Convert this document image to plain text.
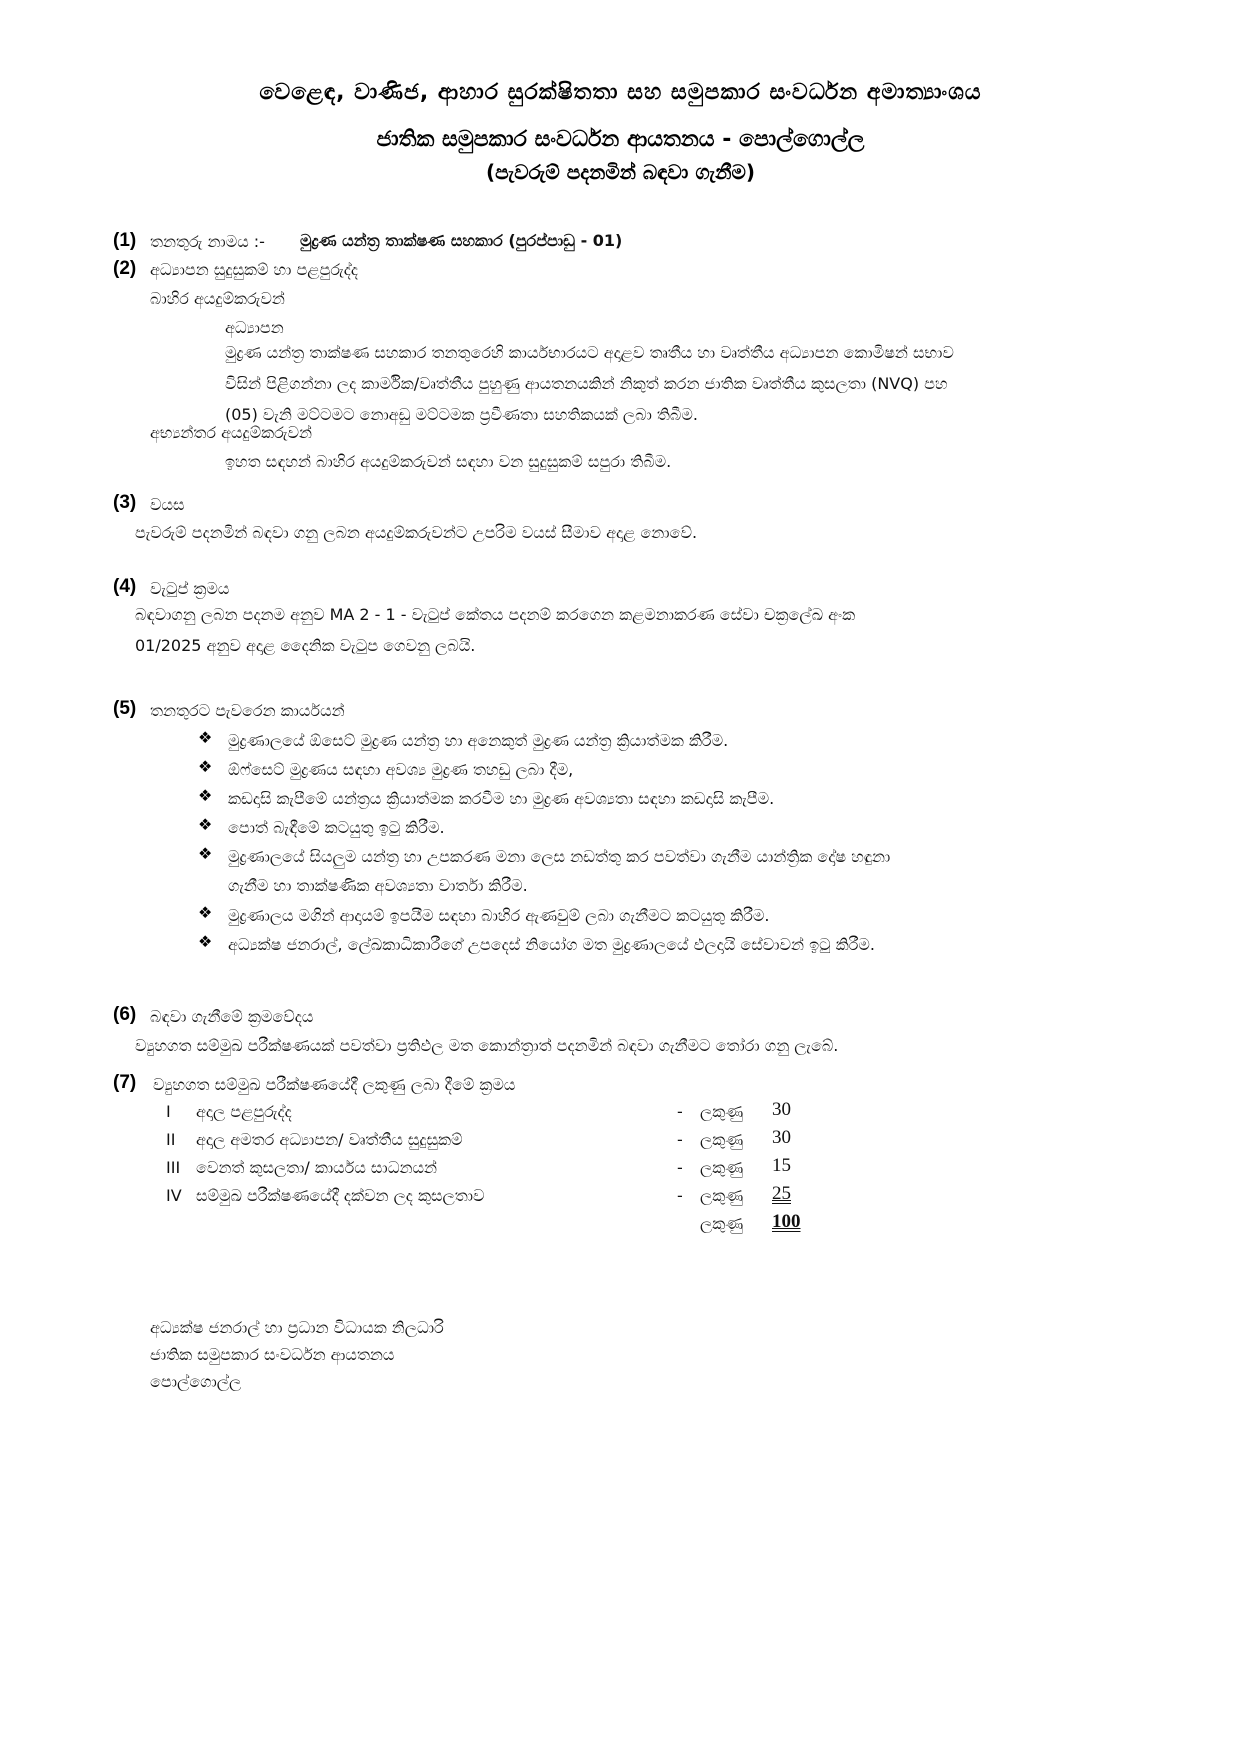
වෙළෙඳ, වාණිජ, ආහාර සුරක්ෂිතතා සහ සමුපකාර සංවර්ධන අමාත්‍යාංශය
ජාතික සමුපකාර සංවර්ධන ආයතනය - පොල්ගොල්ල
(පැවරුම් පදනමින් බඳවා ගැනීම)
(1) තනතුරු නාමය :- මුද්‍රණ යන්ත්‍ර තාක්ෂණ සහකාර (පුරප්පාඩු - 01)
(2) අධ්‍යාපන සුදුසුකම් හා පළපුරුද්ද
බාහිර අයදුම්කරුවන්
අධ්‍යාපන
මුද්‍රණ යන්ත්‍ර තාක්ෂණ සහකාර තනතුරෙහි කාර්යභාරයට අදාළව තෘතීය හා වෘත්තීය අධ්‍යාපන කොමිෂන් සභාව
විසින් පිළිගන්නා ලද කාර්මික/වෘත්තීය පුහුණු ආයතනයකින් නිකුත් කරන ජාතික වෘත්තීය කුසලතා (NVQ) පහ
(05) වැනි මට්ටමට නොඅඩු මට්ටමක ප්‍රවීණතා සහතිකයක් ලබා තිබීම.
අභ්‍යන්තර අයදුම්කරුවන්
ඉහත සඳහන් බාහිර අයදුම්කරුවන් සඳහා වන සුදුසුකම් සපුරා තිබීම.
(3) වයස
පැවරුම් පදනමින් බඳවා ගනු ලබන අයදුම්කරුවන්ට උපරිම වයස් සීමාව අදාළ නොවේ.
(4) වැටුප් ක්‍රමය
බඳවාගනු ලබන පදනම අනුව MA 2 - 1 - වැටුප් කේතය පදනම් කරගෙන කළමනාකරණ සේවා චක්‍රලේඛ අංක
01/2025 අනුව අදාළ දෛනික වැටුප ගෙවනු ලබයි.
(5) තනතුරට පැවරෙන කාර්යයන්
❖ මුද්‍රණාලයේ ඕසෙට් මුද්‍රණ යන්ත්‍ර හා අනෙකුත් මුද්‍රණ යන්ත්‍ර ක්‍රියාත්මක කිරීම.
❖ ඕෆ්සෙට් මුද්‍රණය සඳහා අවශ්‍ය මුද්‍රණ තහඩු ලබා දීම,
❖ කඩදාසි කැපීමේ යන්ත්‍රය ක්‍රියාත්මක කරවීම හා මුද්‍රණ අවශ්‍යතා සඳහා කඩදාසි කැපීම.
❖ පොත් බැඳීමේ කටයුතු ඉටු කිරීම.
❖ මුද්‍රණාලයේ සියලුම යන්ත්‍ර හා උපකරණ මනා ලෙස නඩත්තු කර පවත්වා ගැනීම යාන්ත්‍රික දෝෂ හඳුනා
ගැනීම හා තාක්ෂණික අවශ්‍යතා වාර්තා කිරීම.
❖ මුද්‍රණාලය මගින් ආදායම් ඉපයීම සඳහා බාහිර ඇණවුම් ලබා ගැනීමට කටයුතු කිරීම.
❖ අධ්‍යක්ෂ ජනරාල්, ලේඛකාධිකාරීගේ උපදෙස් නියෝග මත මුද්‍රණාලයේ ඵලදායි සේවාවන් ඉටු කිරීම.
(6) බඳවා ගැනීමේ ක්‍රමවේදය
ව්‍යුහගත සම්මුඛ පරීක්ෂණයක් පවත්වා ප්‍රතිඵල මත කොන්ත්‍රාත් පදනමින් බඳවා ගැනීමට තෝරා ගනු ලැබේ.
(7) ව්‍යුහගත සම්මුඛ පරීක්ෂණයේදී ලකුණු ලබා දීමේ ක්‍රමය
I අදාල පළපුරුද්ද	- ලකුණු 30
II අදාල අමතර අධ්‍යාපන/ වෘත්තීය සුදුසුකම්	- ලකුණු 30
III වෙනත් කුසලතා/ කාර්යය සාධනයන්	- ලකුණු 15
IV සම්මුඛ පරීක්ෂණයේදී දක්වන ලද කුසලතාව	- ලකුණු 25
ලකුණු 100
අධ්‍යක්ෂ ජනරාල් හා ප්‍රධාන විධායක නිලධාරි
ජාතික සමුපකාර සංවර්ධන ආයතනය
පොල්ගොල්ල
